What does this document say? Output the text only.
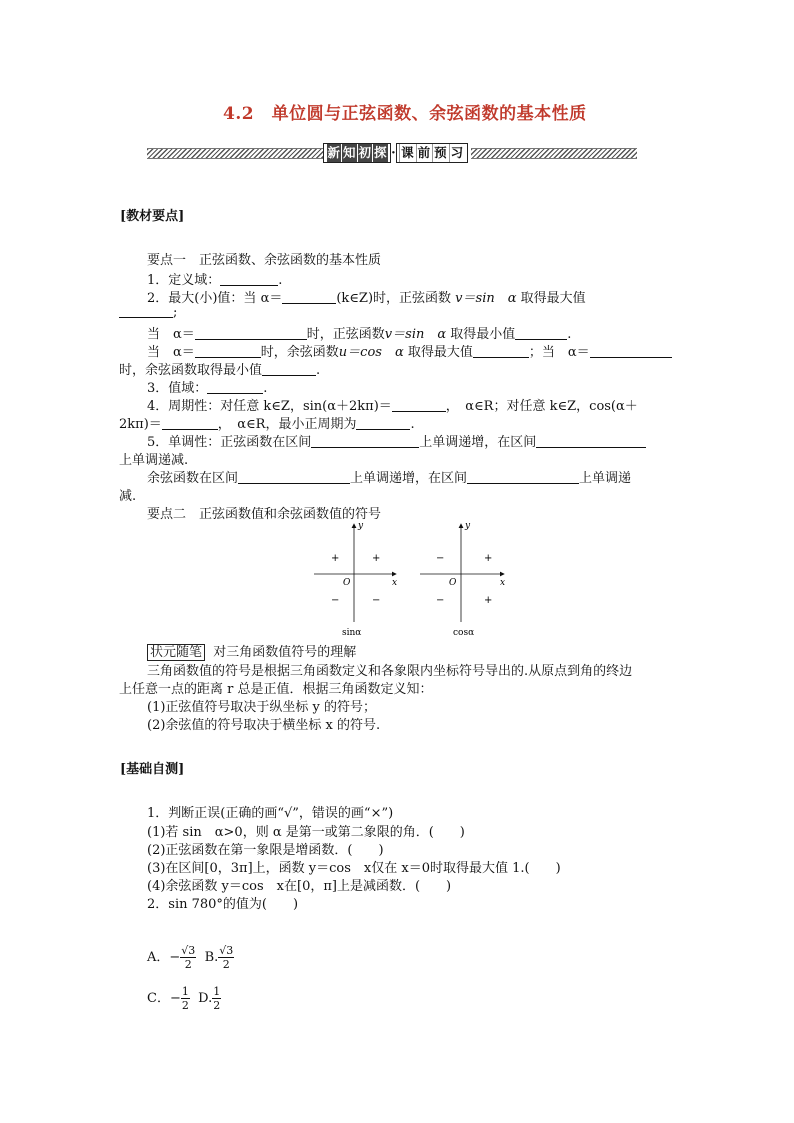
4.2　单位圆与正弦函数、余弦函数的基本性质
新 知 初 探 · 课 前 预 习
[教材要点]
要点一　正弦函数、余弦函数的基本性质
1．定义域：	.
2．最大(小)值：当 α＝	(k∈Z)时，正弦函数 v＝sin　α 取得最大值
;
当　α＝	时，正弦函数v＝sin　α 取得最小值	.
当　α＝	时，余弦函数u＝cos　α 取得最大值	；当　α＝
时，余弦函数取得最小值	.
3．值域：	.
4．周期性：对任意 k∈Z，sin(α＋2kπ)＝	，　α∈R；对任意 k∈Z，cos(α＋
2kπ)＝	，　α∈R，最小正周期为	.
5．单调性：正弦函数在区间	上单调递增，在区间
上单调递减.
余弦函数在区间	上单调递增，在区间	上单调递
减.
要点二　正弦函数值和余弦函数值的符号
y
x
O
+
+
−	−
sinα
y
x
O
+
−
−	+
cosα
状元随笔 对三角函数值符号的理解
三角函数值的符号是根据三角函数定义和各象限内坐标符号导出的.从原点到角的终边
上任意一点的距离 r 总是正值．根据三角函数定义知：
(1)正弦值符号取决于纵坐标 y 的符号；
(2)余弦值的符号取决于横坐标 x 的符号.
[基础自测]
1．判断正误(正确的画“√”，错误的画“×”)
(1)若 sin　α>0，则 α 是第一或第二象限的角．(　　)
(2)正弦函数在第一象限是增函数．(　　)
(3)在区间[0，3π]上，函数 y＝cos　x仅在 x＝0时取得最大值 1.(　　)
(4)余弦函数 y＝cos　x在[0，π]上是减函数．(　　)
2．sin 780°的值为(　　)
A．− $\frac{√3}{2} B$. $\frac{√3}{2}$
C．− $\frac{1}{2} D$. $\frac{1}{2}$
